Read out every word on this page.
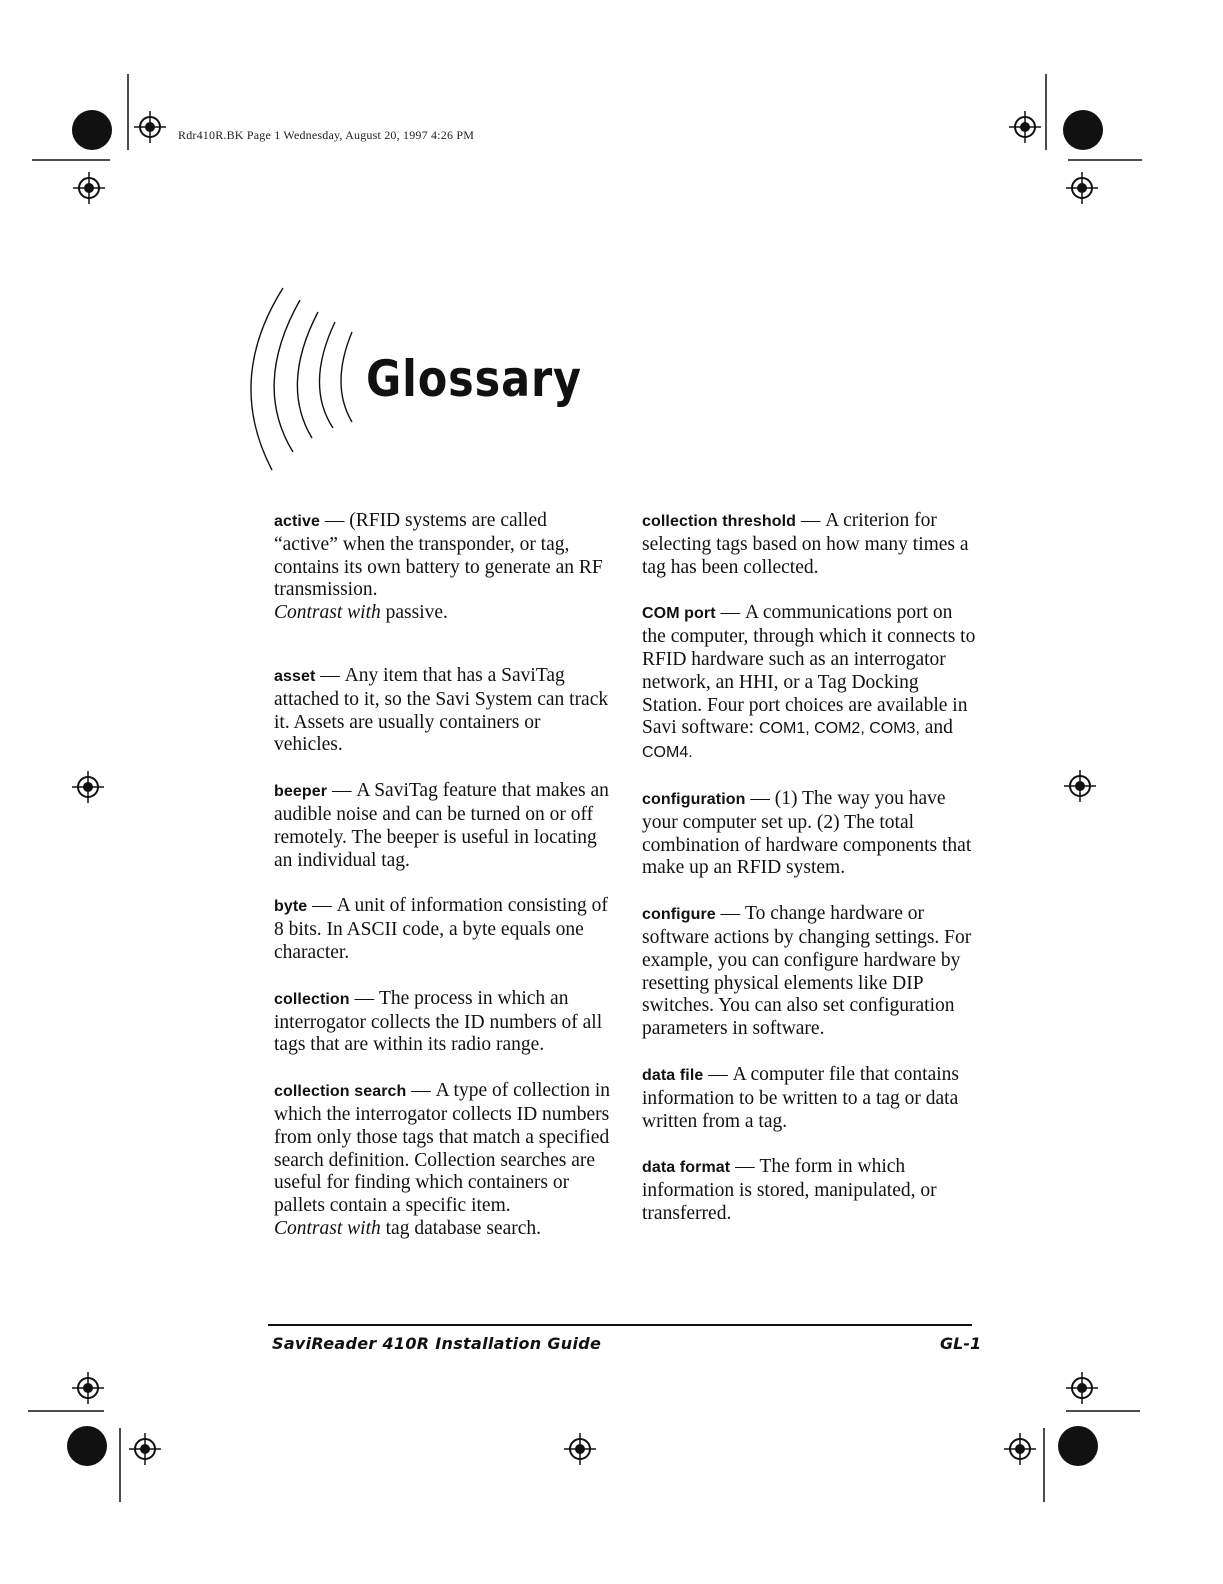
Rdr410R.BK Page 1 Wednesday, August 20, 1997 4:26 PM
Glossary
active — (RFID systems are called “active” when the transponder, or tag, contains its own battery to generate an RF transmission.
Contrast with passive.
asset — Any item that has a SaviTag attached to it, so the Savi System can track it. Assets are usually containers or vehicles.
beeper — A SaviTag feature that makes an audible noise and can be turned on or off remotely. The beeper is useful in locating an individual tag.
byte — A unit of information consisting of 8 bits. In ASCII code, a byte equals one character.
collection — The process in which an interrogator collects the ID numbers of all tags that are within its radio range.
collection search — A type of collection in which the interrogator collects ID numbers from only those tags that match a specified search definition. Collection searches are useful for finding which containers or pallets contain a specific item.
Contrast with tag database search.
collection threshold — A criterion for selecting tags based on how many times a tag has been collected.
COM port — A communications port on the computer, through which it connects to RFID hardware such as an interrogator network, an HHI, or a Tag Docking Station. Four port choices are available in Savi software: COM1, COM2, COM3, and COM4.
configuration — (1) The way you have your computer set up. (2) The total combination of hardware components that make up an RFID system.
configure — To change hardware or software actions by changing settings. For example, you can configure hardware by resetting physical elements like DIP switches. You can also set configuration parameters in software.
data file — A computer file that contains information to be written to a tag or data written from a tag.
data format — The form in which information is stored, manipulated, or transferred.
SaviReader 410R Installation Guide	GL-1
